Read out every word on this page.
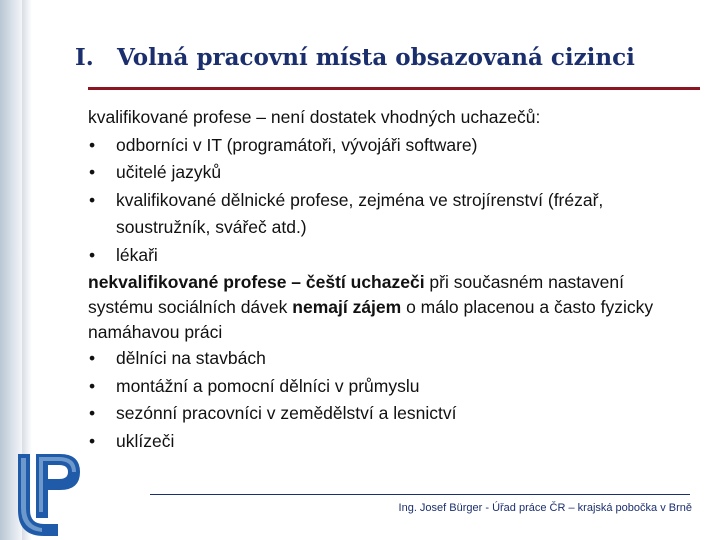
I. Volná pracovní místa obsazovaná cizinci

kvalifikované profese – není dostatek vhodných uchazečů:

• odborníci v IT (programátoři, vývojáři software)
• učitelé jazyků
• kvalifikované dělnické profese, zejména ve strojírenství (frézař, soustružník, svářeč atd.)
• lékaři

nekvalifikované profese – čeští uchazeči při současném nastavení systému sociálních dávek nemají zájem o málo placenou a často fyzicky namáhavou práci

• dělníci na stavbách
• montážní a pomocní dělníci v průmyslu
• sezónní pracovníci v zemědělství a lesnictví
• uklízeči
Ing. Josef Bürger - Úřad práce ČR – krajská pobočka v Brně
